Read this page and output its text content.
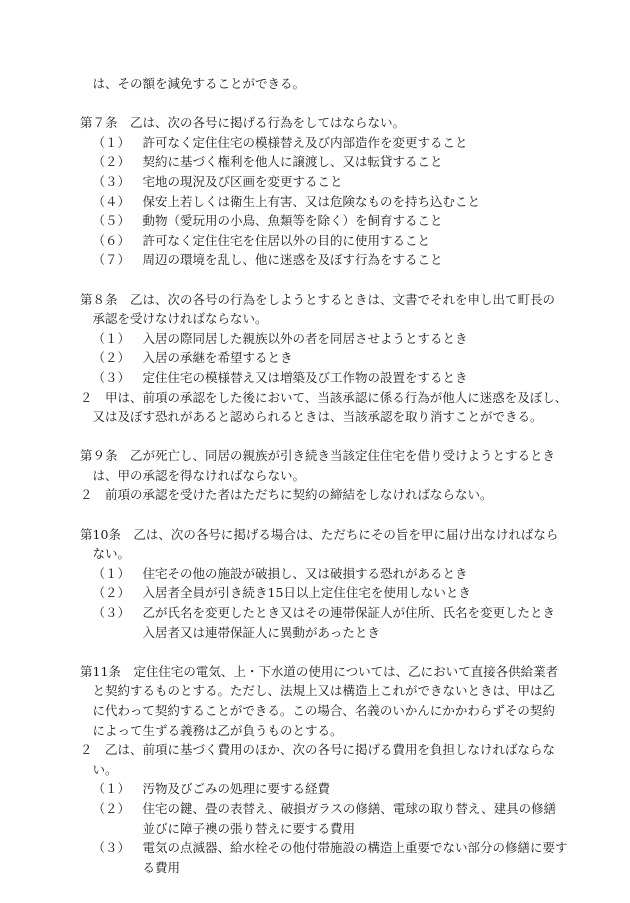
は、その額を減免することができる。
第７条　乙は、次の各号に掲げる行為をしてはならない。
（１） 許可なく定住住宅の模様替え及び内部造作を変更すること
（２） 契約に基づく権利を他人に譲渡し、又は転貸すること
（３） 宅地の現況及び区画を変更すること
（４） 保安上若しくは衛生上有害、又は危険なものを持ち込むこと
（５） 動物（愛玩用の小鳥、魚類等を除く）を飼育すること
（６） 許可なく定住住宅を住居以外の目的に使用すること
（７） 周辺の環境を乱し、他に迷惑を及ぼす行為をすること
第８条　乙は、次の各号の行為をしようとするときは、文書でそれを申し出て町長の
承認を受けなければならない。
（１） 入居の際同居した親族以外の者を同居させようとするとき
（２） 入居の承継を希望するとき
（３） 定住住宅の模様替え又は増築及び工作物の設置をするとき
２　甲は、前項の承認をした後において、当該承認に係る行為が他人に迷惑を及ぼし、
又は及ぼす恐れがあると認められるときは、当該承認を取り消すことができる。
第９条　乙が死亡し、同居の親族が引き続き当該定住住宅を借り受けようとするとき
は、甲の承認を得なければならない。
２　前項の承認を受けた者はただちに契約の締結をしなければならない。
第10条　乙は、次の各号に掲げる場合は、ただちにその旨を甲に届け出なければなら
ない。
（１） 住宅その他の施設が破損し、又は破損する恐れがあるとき
（２） 入居者全員が引き続き15日以上定住住宅を使用しないとき
（３） 乙が氏名を変更したとき又はその連帯保証人が住所、氏名を変更したとき
入居者又は連帯保証人に異動があったとき
第11条　定住住宅の電気、上・下水道の使用については、乙において直接各供給業者
と契約するものとする。ただし、法規上又は構造上これができないときは、甲は乙
に代わって契約することができる。この場合、名義のいかんにかかわらずその契約
によって生ずる義務は乙が負うものとする。
２　乙は、前項に基づく費用のほか、次の各号に掲げる費用を負担しなければならな
い。
（１） 汚物及びごみの処理に要する経費
（２） 住宅の鍵、畳の表替え、破損ガラスの修繕、電球の取り替え、建具の修繕
並びに障子襖の張り替えに要する費用
（３） 電気の点滅器、給水栓その他付帯施設の構造上重要でない部分の修繕に要す
る費用
